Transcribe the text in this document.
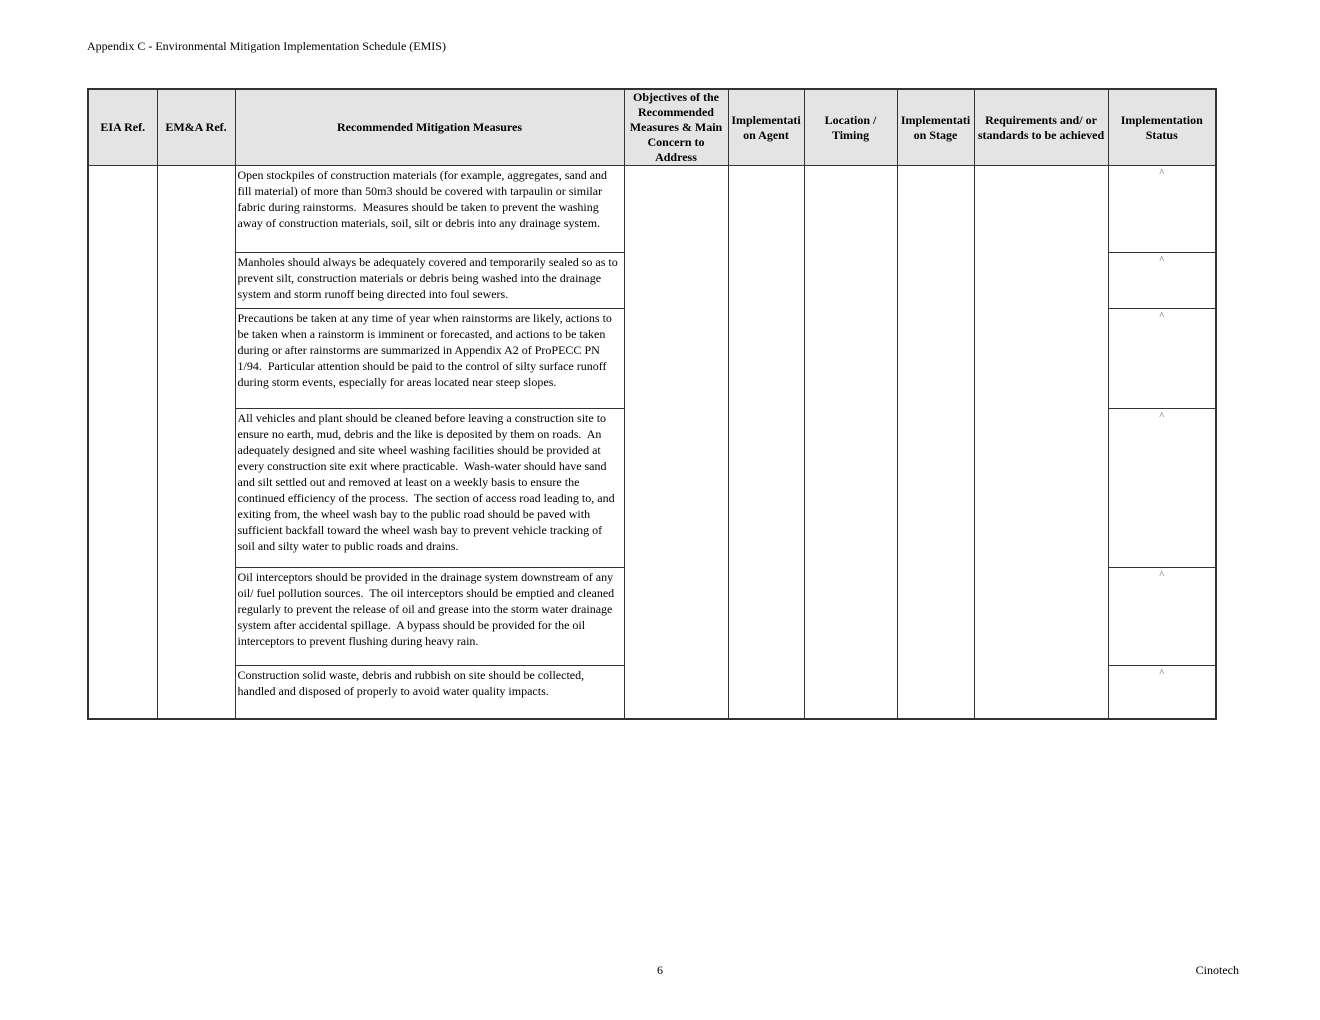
Appendix C - Environmental Mitigation Implementation Schedule (EMIS)
EIA Ref.	EM&A Ref.	Recommended Mitigation Measures	Objectives of the Recommended Measures & Main Concern to Address	Implementation Agent	Location / Timing	Implementation Stage	Requirements and/ or standards to be achieved	Implementation Status

		Open stockpiles of construction materials (for example, aggregates, sand and fill material) of more than 50m3 should be covered with tarpaulin or similar fabric during rainstorms.  Measures should be taken to prevent the washing away of construction materials, soil, silt or debris into any drainage system.						^

		Manholes should always be adequately covered and temporarily sealed so as to prevent silt, construction materials or debris being washed into the drainage system and storm runoff being directed into foul sewers.						^

		Precautions be taken at any time of year when rainstorms are likely, actions to be taken when a rainstorm is imminent or forecasted, and actions to be taken during or after rainstorms are summarized in Appendix A2 of ProPECC PN 1/94.  Particular attention should be paid to the control of silty surface runoff during storm events, especially for areas located near steep slopes.						^

		All vehicles and plant should be cleaned before leaving a construction site to ensure no earth, mud, debris and the like is deposited by them on roads.  An adequately designed and site wheel washing facilities should be provided at every construction site exit where practicable.  Wash-water should have sand and silt settled out and removed at least on a weekly basis to ensure the continued efficiency of the process.  The section of access road leading to, and exiting from, the wheel wash bay to the public road should be paved with sufficient backfall toward the wheel wash bay to prevent vehicle tracking of soil and silty water to public roads and drains.						^

		Oil interceptors should be provided in the drainage system downstream of any oil/ fuel pollution sources.  The oil interceptors should be emptied and cleaned regularly to prevent the release of oil and grease into the storm water drainage system after accidental spillage.  A bypass should be provided for the oil interceptors to prevent flushing during heavy rain.						^

		Construction solid waste, debris and rubbish on site should be collected, handled and disposed of properly to avoid water quality impacts.						^
6	Cinotech
